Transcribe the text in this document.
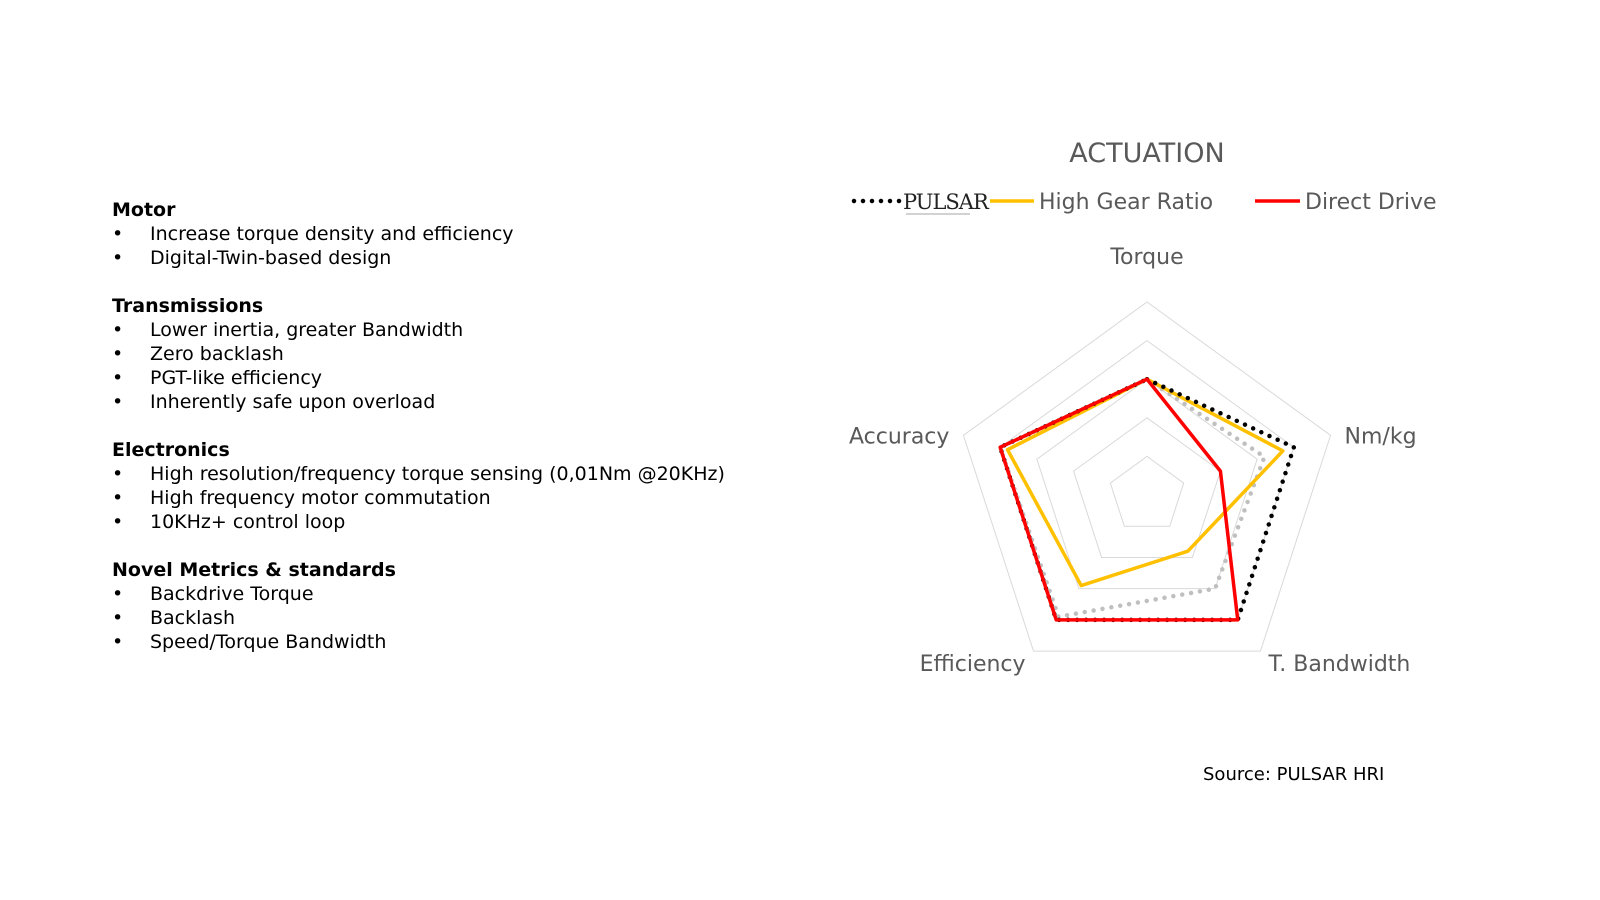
Motor
•	Increase torque density and efficiency
•	Digital-Twin-based design
Transmissions
•	Lower inertia, greater Bandwidth
•	Zero backlash
•	PGT-like efficiency
•	Inherently safe upon overload
Electronics
•	High resolution/frequency torque sensing (0,01Nm @20KHz)
•	High frequency motor commutation
•	10KHz+ control loop
Novel Metrics & standards
•	Backdrive Torque
•	Backlash
•	Speed/Torque Bandwidth
ACTUATION
PULSAR High Gear Ratio	Direct Drive
Torque
Nm/kg
T. Bandwidth
Efficiency
Accuracy
Source: PULSAR HRI
